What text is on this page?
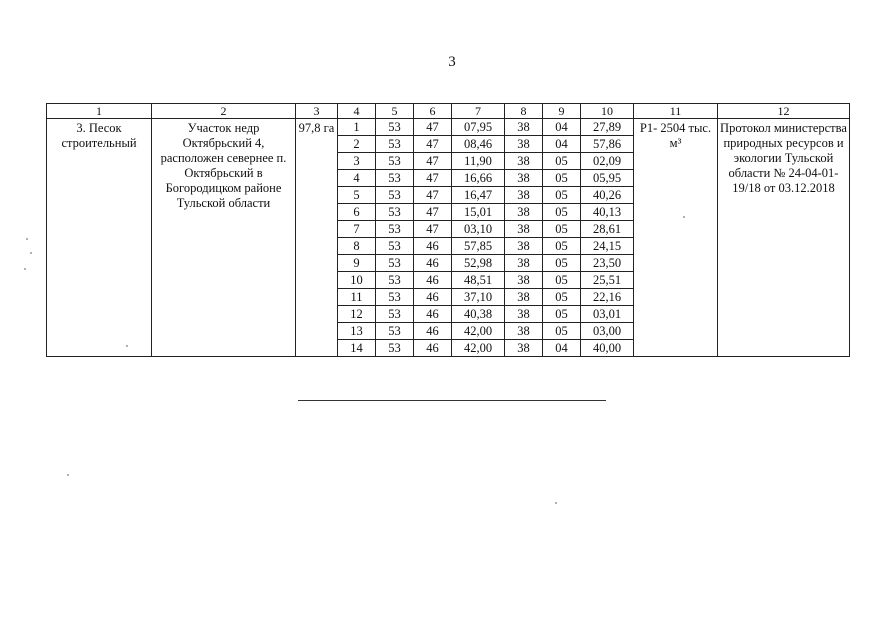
3
1	2	3	4	5	6	7	8	9	10	11	12
3. Песок строительный	Участок недр Октябрьский 4, расположен севернее п. Октябрьский в Богородицком районе Тульской области	97,8 га	1	53	47	07,95	38	04	27,89	Р1- 2504 тыс. м³	Протокол министерства природных ресурсов и экологии Тульской области № 24-04-01-19/18 от 03.12.2018
			2	53	47	08,46	38	04	57,86		
			3	53	47	11,90	38	05	02,09		
			4	53	47	16,66	38	05	05,95		
			5	53	47	16,47	38	05	40,26		
			6	53	47	15,01	38	05	40,13		
			7	53	47	03,10	38	05	28,61		
			8	53	46	57,85	38	05	24,15		
			9	53	46	52,98	38	05	23,50		
			10	53	46	48,51	38	05	25,51		
			11	53	46	37,10	38	05	22,16		
			12	53	46	40,38	38	05	03,01		
			13	53	46	42,00	38	05	03,00		
			14	53	46	42,00	38	04	40,00		
